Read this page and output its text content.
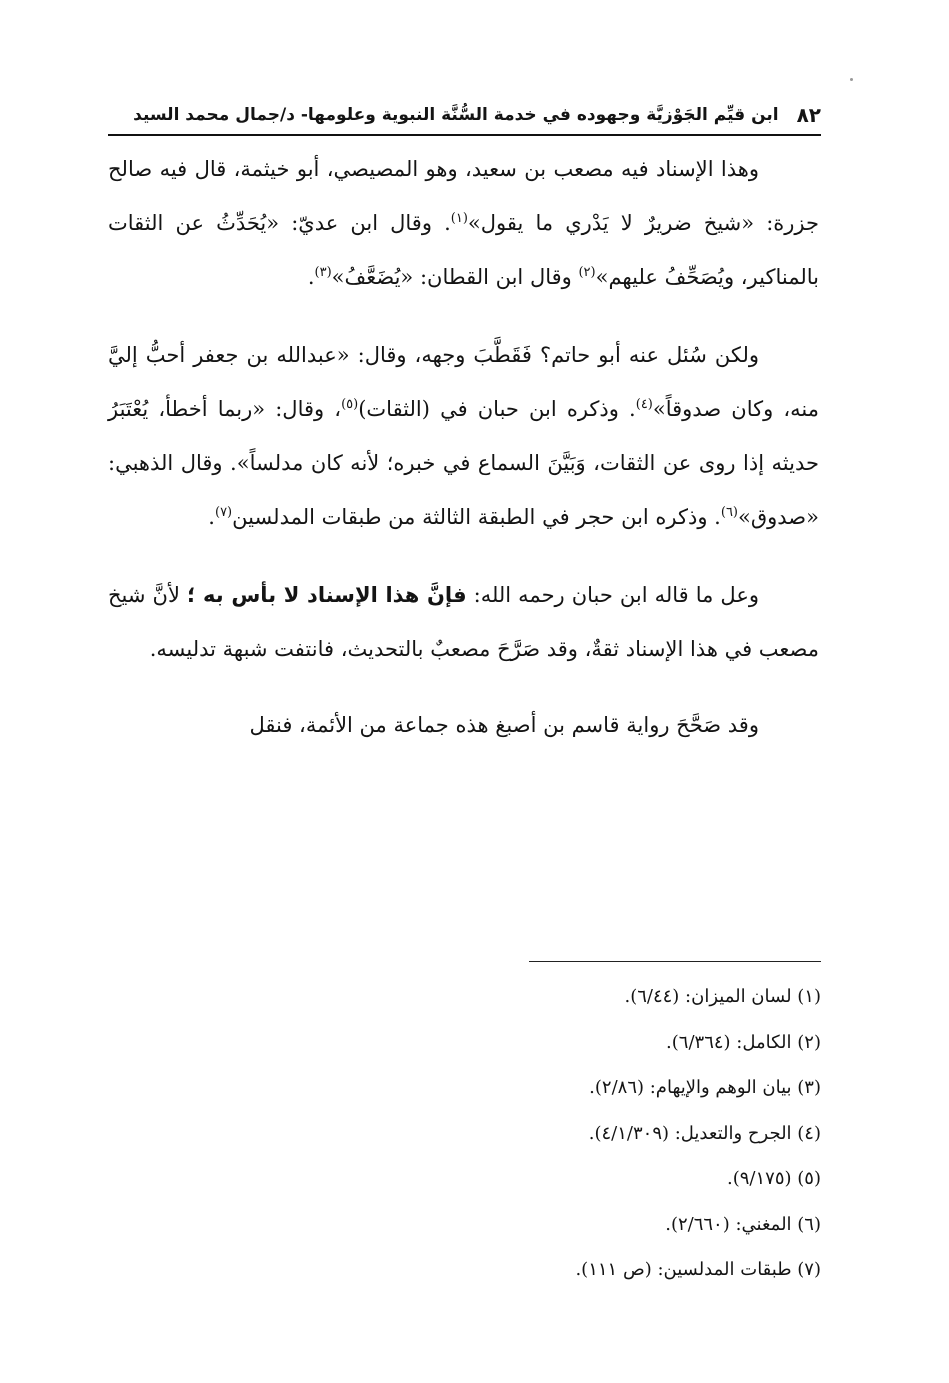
٨٢
ابن قيِّم الجَوْزيَّة وجهوده في خدمة السُّنَّة النبوية وعلومها- د/جمال محمد السيد

وهذا الإسناد فيه مصعب بن سعيد، وهو المصيصي، أبو خيثمة، قال فيه صالح جزرة: «شيخ ضريرٌ لا يَدْري ما يقول»$^{(١)}$. وقال ابن عديّ: «يُحَدِّثُ عن الثقات بالمناكير، ويُصَحِّفُ عليهم»$^{(٢)}$ وقال ابن القطان: «يُضَعَّفُ»$^{(٣)}$.

ولكن سُئل عنه أبو حاتم؟ فَقَطَّبَ وجهه، وقال: «عبدالله بن جعفر أحبُّ إليَّ منه، وكان صدوقاً»$^{(٤)}$. وذكره ابن حبان في (الثقات)$^{(٥)}$، وقال: «ربما أخطأ، يُعْتَبَرُ حديثه إذا روى عن الثقات، وَبَيَّنَ السماع في خبره؛ لأنه كان مدلساً». وقال الذهبي: «صدوق»$^{(٦)}$. وذكره ابن حجر في الطبقة الثالثة من طبقات المدلسين$^{(٧)}$.

وعل ما قاله ابن حبان رحمه الله: فإنَّ هذا الإسناد لا بأس به ؛ لأنَّ شيخ مصعب في هذا الإسناد ثقةٌ، وقد صَرَّحَ مصعبٌ بالتحديث، فانتفت شبهة تدليسه.

وقد صَحَّحَ رواية قاسم بن أصبغ هذه جماعة من الأئمة، فنقل

(١) لسان الميزان: (٦/٤٤).
(٢) الكامل: (٦/٣٦٤).
(٣) بيان الوهم والإيهام: (٢/٨٦).
(٤) الجرح والتعديل: (٤/١/٣٠٩).
(٥) (٩/١٧٥).
(٦) المغني: (٢/٦٦٠).
(٧) طبقات المدلسين: (ص ١١١).
